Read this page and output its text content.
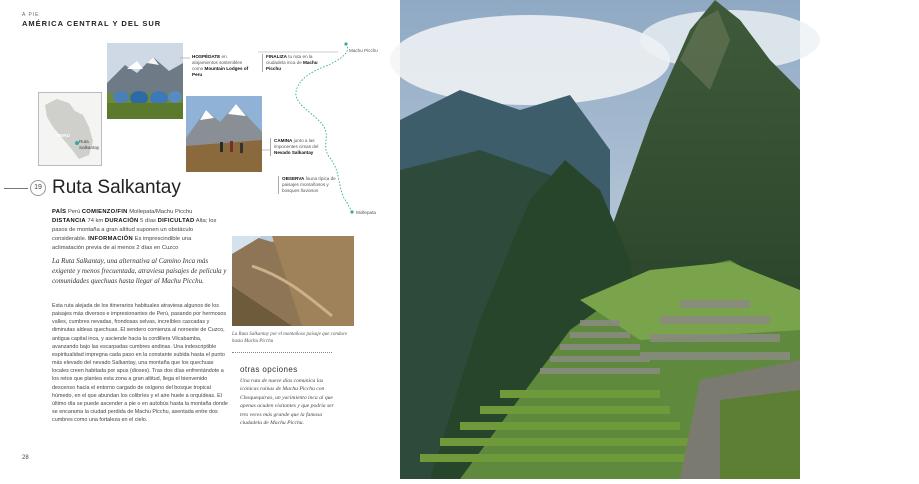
A PIE
AMÉRICA CENTRAL Y DEL SUR
PERÚ
Ruta Salkantay
HOSPÉDATE en alojamientos sostenibles como Mountain Lodges of Peru
FINALIZA tu ruta en la ciudadela inca de Machu Picchu
CAMINA junto a las imponentes cimas del Nevado Salkantay
OBSERVA fauna típica de paisajes montañosos y bosques lluviosos
Machu Picchu
Mollepata
19 Ruta Salkantay
PAÍS Perú COMIENZO/FIN Mollepata/Machu Picchu DISTANCIA 74 km DURACIÓN 5 días DIFICULTAD Alta; los pasos de montaña a gran altitud suponen un obstáculo considerable. INFORMACIÓN Es imprescindible una aclimatación previa de al menos 2 días en Cuzco
La Ruta Salkantay, una alternativa al Camino Inca más exigente y menos frecuentada, atraviesa paisajes de película y comunidades quechuas hasta llegar al Machu Picchu.
Esta ruta alejada de los itinerarios habituales atraviesa algunos de los paisajes más diversos e impresionantes de Perú, pasando por hermosos valles, cumbres nevadas, frondosas selvas, increíbles cascadas y diminutas aldeas quechuas. El sendero comienza al noroeste de Cuzco, antigua capital inca, y asciende hacia la cordillera Vilcabamba, avanzando bajo las escarpadas cumbres andinas. Una indescriptible espiritualidad impregna cada paso en la constante subida hasta el punto más elevado del nevado Salkantay, una montaña que los quechuas locales creen habitada por apus (dioses). Tras dos días enfrentándote a los retos que plantea esta zona a gran altitud, llega el bienvenido descenso hacia el entorno cargado de oxígeno del bosque tropical húmedo, en el que abundan los colibríes y el aire huele a orquídeas. El último día se puede ascender a pie o en autobús hasta la montaña donde se encarama la ciudad perdida de Machu Picchu, asentada entre dos cumbres como una fortaleza en el cielo.
La Ruta Salkantay por el montañoso paisaje que conduce hasta Machu Picchu
otras opciones
Una ruta de nueve días comunica las icónicas ruinas de Machu Picchu con Choquequirao, un yacimiento inca al que apenas acuden visitantes y que podría ser tres veces más grande que la famosa ciudadela de Machu Picchu.
28
Ruinas de Machu Picchu (siglo XV), la ciudadela inca mejor conservada del país
